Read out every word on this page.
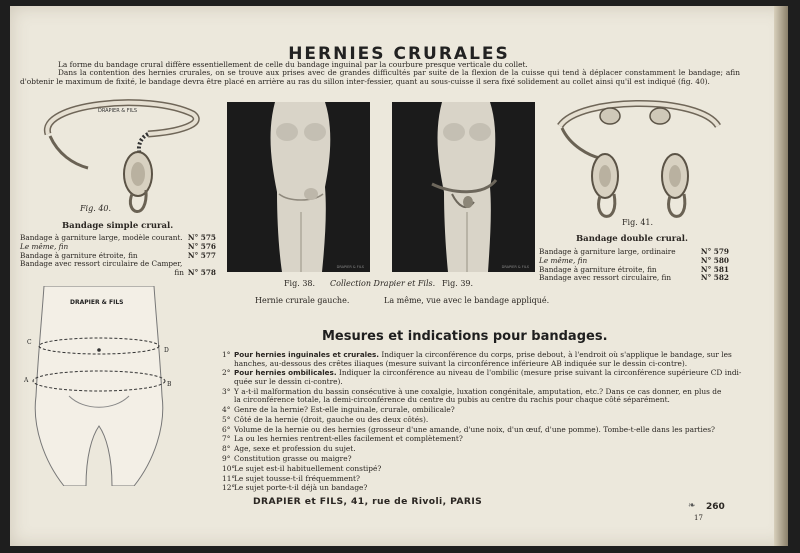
HERNIES CRURALES

La forme du bandage crural diffère essentiellement de celle du bandage inguinal par la courbure presque verticale du collet.

Dans la contention des hernies crurales, on se trouve aux prises avec de grandes difficultés par suite de la flexion de la cuisse qui tend à déplacer constamment le bandage; afin d'obtenir le maximum de fixité, le bandage devra être placé en arrière au ras du sillon inter-fessier, quant au sous-cuisse il sera fixé solidement au collet ainsi qu'il est indiqué (fig. 40).

DRAPIER & FILS
Fig. 40.
Bandage simple crural.
Bandage à garniture large, modèle courant. N° 575
Le même, fin	N° 576
Bandage à garniture étroite, fin	N° 577
Bandage avec ressort circulaire de Camper,
fin N° 578
DRAPIER & FILS	DRAPIER & FILS
Fig. 38. Collection Drapier et Fils. Fig. 39.
Hernie crurale gauche.	La même, vue avec le bandage appliqué.
Fig. 41.
Bandage double crural.
Bandage à garniture large, ordinaire	N° 579
Le même, fin	N° 580
Bandage à garniture étroite, fin	N° 581
Bandage avec ressort circulaire, fin	N° 582
DRAPIER & FILS
C
D
A
B
Mesures et indications pour bandages.
1° Pour hernies inguinales et crurales. Indiquer la circonférence du corps, prise debout, à l'endroit où s'applique le bandage, sur les
hanches, au-dessous des crêtes iliaques (mesure suivant la circonférence inférieure AB indiquée sur le dessin ci-contre).
2° Pour hernies ombilicales. Indiquer la circonférence au niveau de l'ombilic (mesure prise suivant la circonférence supérieure CD indi-
quée sur le dessin ci-contre).
3° Y a-t-il malformation du bassin consécutive à une coxalgie, luxation congénitale, amputation, etc.? Dans ce cas donner, en plus de
la circonférence totale, la demi-circonférence du centre du pubis au centre du rachis pour chaque côté séparément.
4° Genre de la hernie? Est-elle inguinale, crurale, ombilicale?
5° Côté de la hernie (droit, gauche ou des deux côtés).
6° Volume de la hernie ou des hernies (grosseur d'une amande, d'une noix, d'un œuf, d'une pomme). Tombe-t-elle dans les parties?
7° La ou les hernies rentrent-elles facilement et complètement?
8° Age, sexe et profession du sujet.
9° Constitution grasse ou maigre?
10°Le sujet est-il habituellement constipé?
11°Le sujet tousse-t-il fréquemment?
12°Le sujet porte-t-il déjà un bandage?
DRAPIER et FILS, 41, rue de Rivoli, PARIS	❧ 260
17
